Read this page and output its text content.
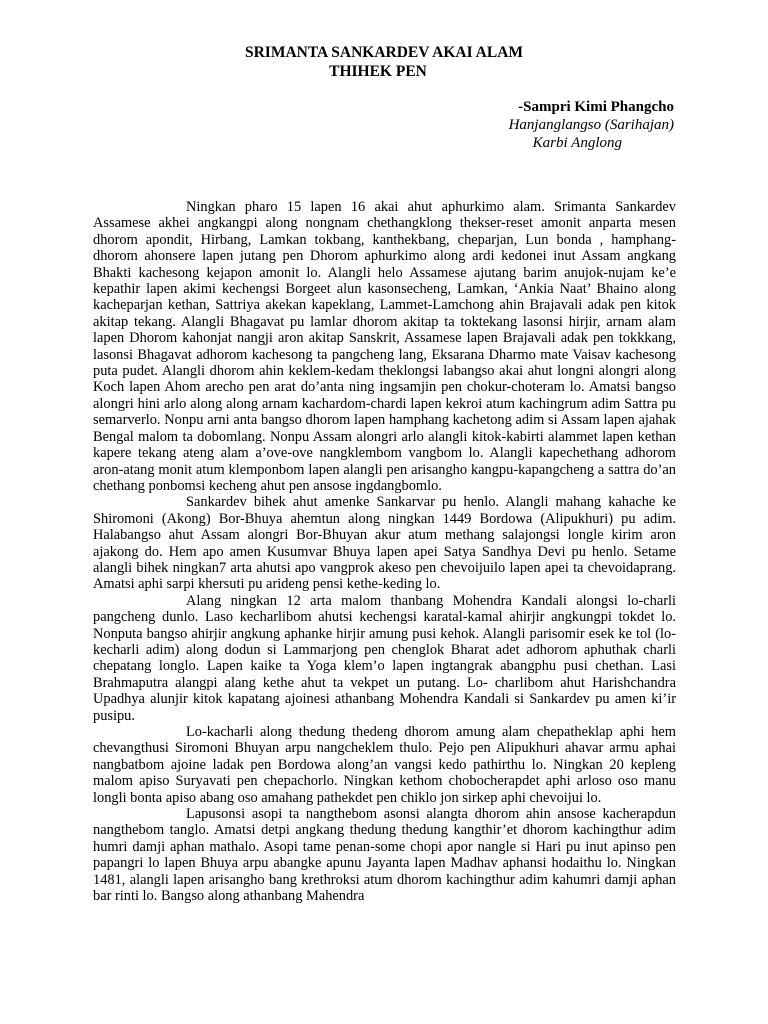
SRIMANTA SANKARDEV AKAI ALAM
THIHEK PEN
-Sampri Kimi Phangcho
Hanjanglangso (Sarihajan)
Karbi Anglong

Ningkan pharo 15 lapen 16 akai ahut aphurkimo alam. Srimanta Sankardev Assamese akhei angkangpi along nongnam chethangklong thekser-reset amonit anparta mesen dhorom apondit, Hirbang, Lamkan tokbang, kanthekbang, cheparjan, Lun bonda , hamphang-dhorom ahonsere lapen jutang pen Dhorom aphurkimo along ardi kedonei inut Assam angkang Bhakti kachesong kejapon amonit lo. Alangli helo Assamese ajutang barim anujok-nujam ke’e kepathir lapen akimi kechengsi Borgeet alun kasonsecheng, Lamkan, ‘Ankia Naat’ Bhaino along kacheparjan kethan, Sattriya akekan kapeklang, Lammet-Lamchong ahin Brajavali adak pen kitok akitap tekang. Alangli Bhagavat pu lamlar dhorom akitap ta toktekang lasonsi hirjir, arnam alam lapen Dhorom kahonjat nangji aron akitap Sanskrit, Assamese lapen Brajavali adak pen tokkkang, lasonsi Bhagavat adhorom kachesong ta pangcheng lang, Eksarana Dharmo mate Vaisav kachesong puta pudet. Alangli dhorom ahin keklem-kedam theklongsi labangso akai ahut longni alongri along Koch lapen Ahom arecho pen arat do’anta ning ingsamjin pen chokur-choteram lo. Amatsi bangso alongri hini arlo along along arnam kachardom-chardi lapen kekroi atum kachingrum adim Sattra pu semarverlo. Nonpu arni anta bangso dhorom lapen hamphang kachetong adim si Assam lapen ajahak Bengal malom ta dobomlang. Nonpu Assam alongri arlo alangli kitok-kabirti alammet lapen kethan kapere tekang ateng alam a’ove-ove nangklembom vangbom lo. Alangli kapechethang adhorom aron-atang monit atum klemponbom lapen alangli pen arisangho kangpu-kapangcheng a sattra do’an chethang ponbomsi kecheng ahut pen ansose ingdangbomlo.

Sankardev bihek ahut amenke Sankarvar pu henlo. Alangli mahang kahache ke Shiromoni (Akong) Bor-Bhuya ahemtun along ningkan 1449 Bordowa (Alipukhuri) pu adim. Halabangso ahut Assam alongri Bor-Bhuyan akur atum methang salajongsi longle kirim aron ajakong do. Hem apo amen Kusumvar Bhuya lapen apei Satya Sandhya Devi pu henlo. Setame alangli bihek ningkan7 arta ahutsi apo vangprok akeso pen chevoijuilo lapen apei ta chevoidaprang. Amatsi aphi sarpi khersuti pu arideng pensi kethe-keding lo.

Alang ningkan 12 arta malom thanbang Mohendra Kandali alongsi lo-charli pangcheng dunlo. Laso kecharlibom ahutsi kechengsi karatal-kamal ahirjir angkungpi tokdet lo. Nonputa bangso ahirjir angkung aphanke hirjir amung pusi kehok. Alangli parisomir esek ke tol (lo-kecharli adim) along dodun si Lammarjong pen chenglok Bharat adet adhorom aphuthak charli chepatang longlo. Lapen kaike ta Yoga klem’o lapen ingtangrak abangphu pusi chethan. Lasi Brahmaputra alangpi alang kethe ahut ta vekpet un putang. Lo- charlibom ahut Harishchandra Upadhya alunjir kitok kapatang ajoinesi athanbang Mohendra Kandali si Sankardev pu amen ki’ir pusipu.

Lo-kacharli along thedung thedeng dhorom amung alam chepatheklap aphi hem chevangthusi Siromoni Bhuyan arpu nangcheklem thulo. Pejo pen Alipukhuri ahavar armu aphai nangbatbom ajoine ladak pen Bordowa along’an vangsi kedo pathirthu lo. Ningkan 20 kepleng malom apiso Suryavati pen chepachorlo. Ningkan kethom chobocherapdet aphi arloso oso manu longli bonta apiso abang oso amahang pathekdet pen chiklo jon sirkep aphi chevoijui lo.

Lapusonsi asopi ta nangthebom asonsi alangta dhorom ahin ansose kacherapdun nangthebom tanglo. Amatsi detpi angkang thedung thedung kangthir’et dhorom kachingthur adim humri damji aphan mathalo. Asopi tame penan-some chopi apor nangle si Hari pu inut apinso pen papangri lo lapen Bhuya arpu abangke apunu Jayanta lapen Madhav aphansi hodaithu lo. Ningkan 1481, alangli lapen arisangho bang krethroksi atum dhorom kachingthur adim kahumri damji aphan bar rinti lo. Bangso along athanbang Mahendra
